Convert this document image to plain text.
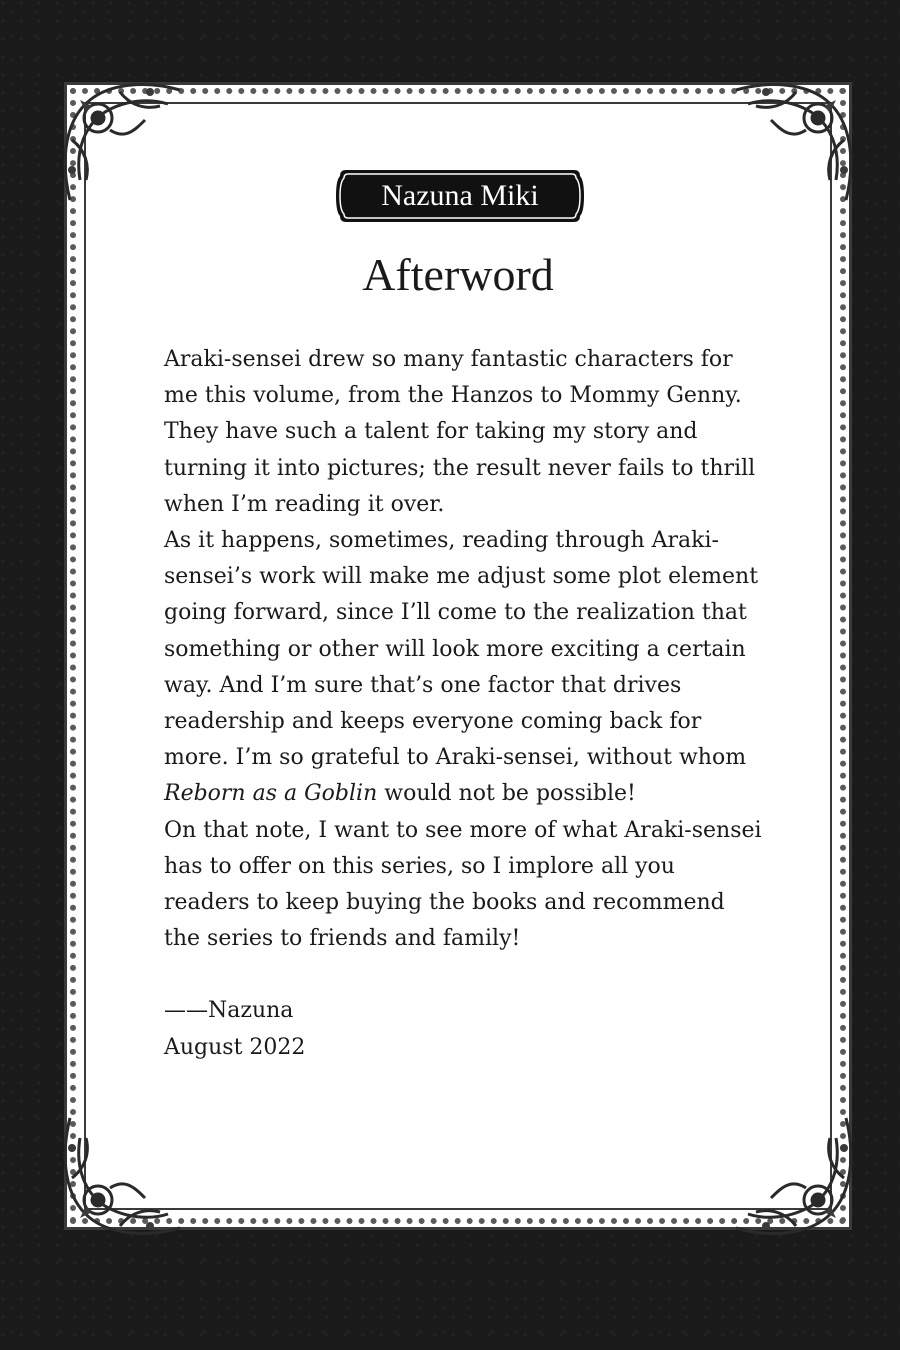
Nazuna Miki
Afterword

Araki-sensei drew so many fantastic characters for me this volume, from the Hanzos to Mommy Genny. They have such a talent for taking my story and turning it into pictures; the result never fails to thrill when I’m reading it over.

As it happens, sometimes, reading through Araki-sensei’s work will make me adjust some plot element going forward, since I’ll come to the realization that something or other will look more exciting a certain way. And I’m sure that’s one factor that drives readership and keeps everyone coming back for more. I’m so grateful to Araki-sensei, without whom Reborn as a Goblin would not be possible!

On that note, I want to see more of what Araki-sensei has to offer on this series, so I implore all you readers to keep buying the books and recommend the series to friends and family!

——Nazuna

August 2022
